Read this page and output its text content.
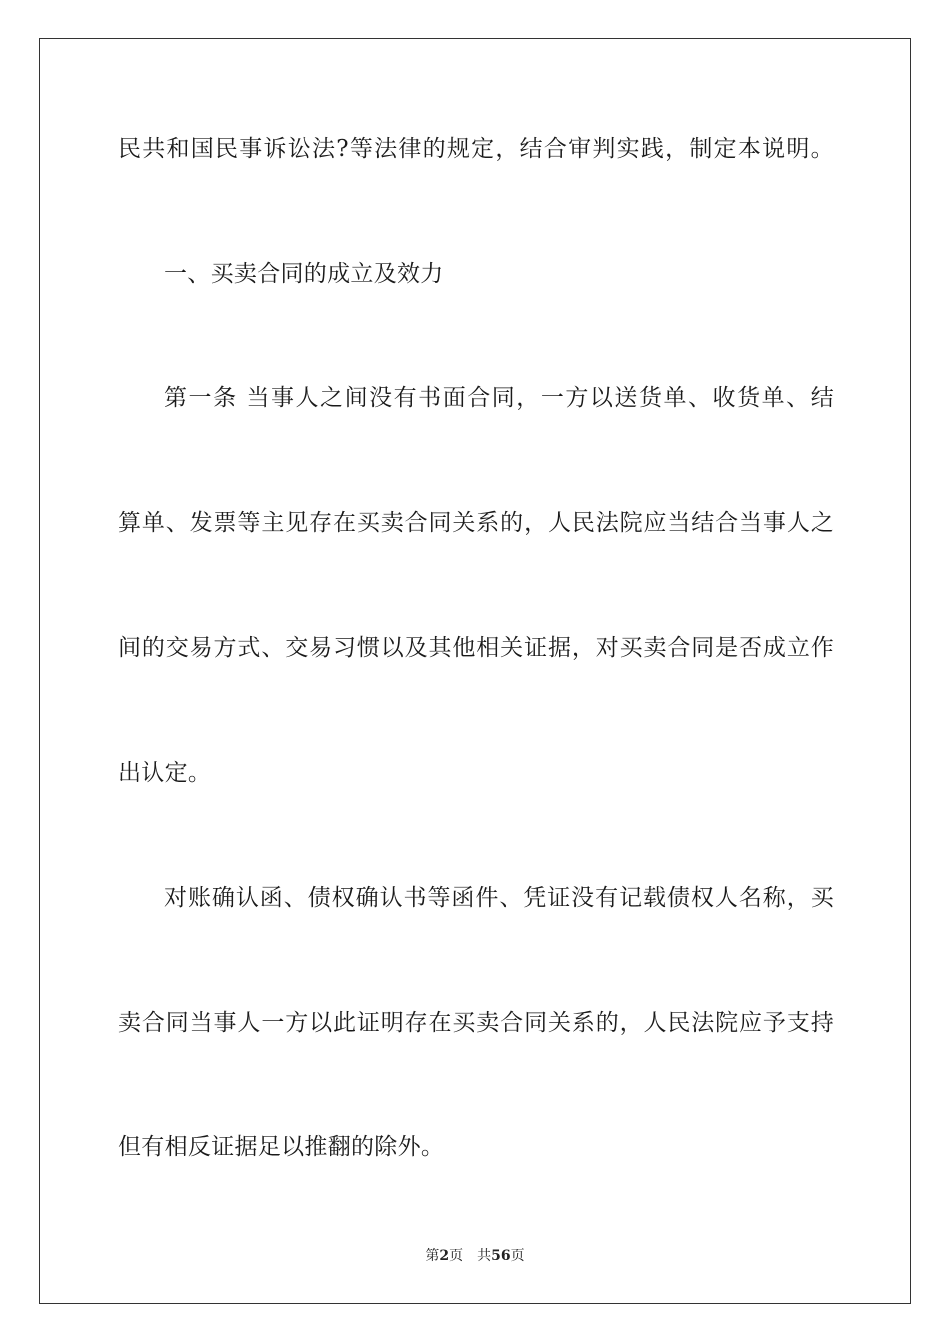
民共和国民事诉讼法?等法律的规定，结合审判实践，制定本说明。
一、买卖合同的成立及效力
第一条 当事人之间没有书面合同，一方以送货单、收货单、结
算单、发票等主见存在买卖合同关系的，人民法院应当结合当事人之
间的交易方式、交易习惯以及其他相关证据，对买卖合同是否成立作
出认定。
对账确认函、债权确认书等函件、凭证没有记载债权人名称，买
卖合同当事人一方以此证明存在买卖合同关系的，人民法院应予支持
但有相反证据足以推翻的除外。
第2页 共56页
